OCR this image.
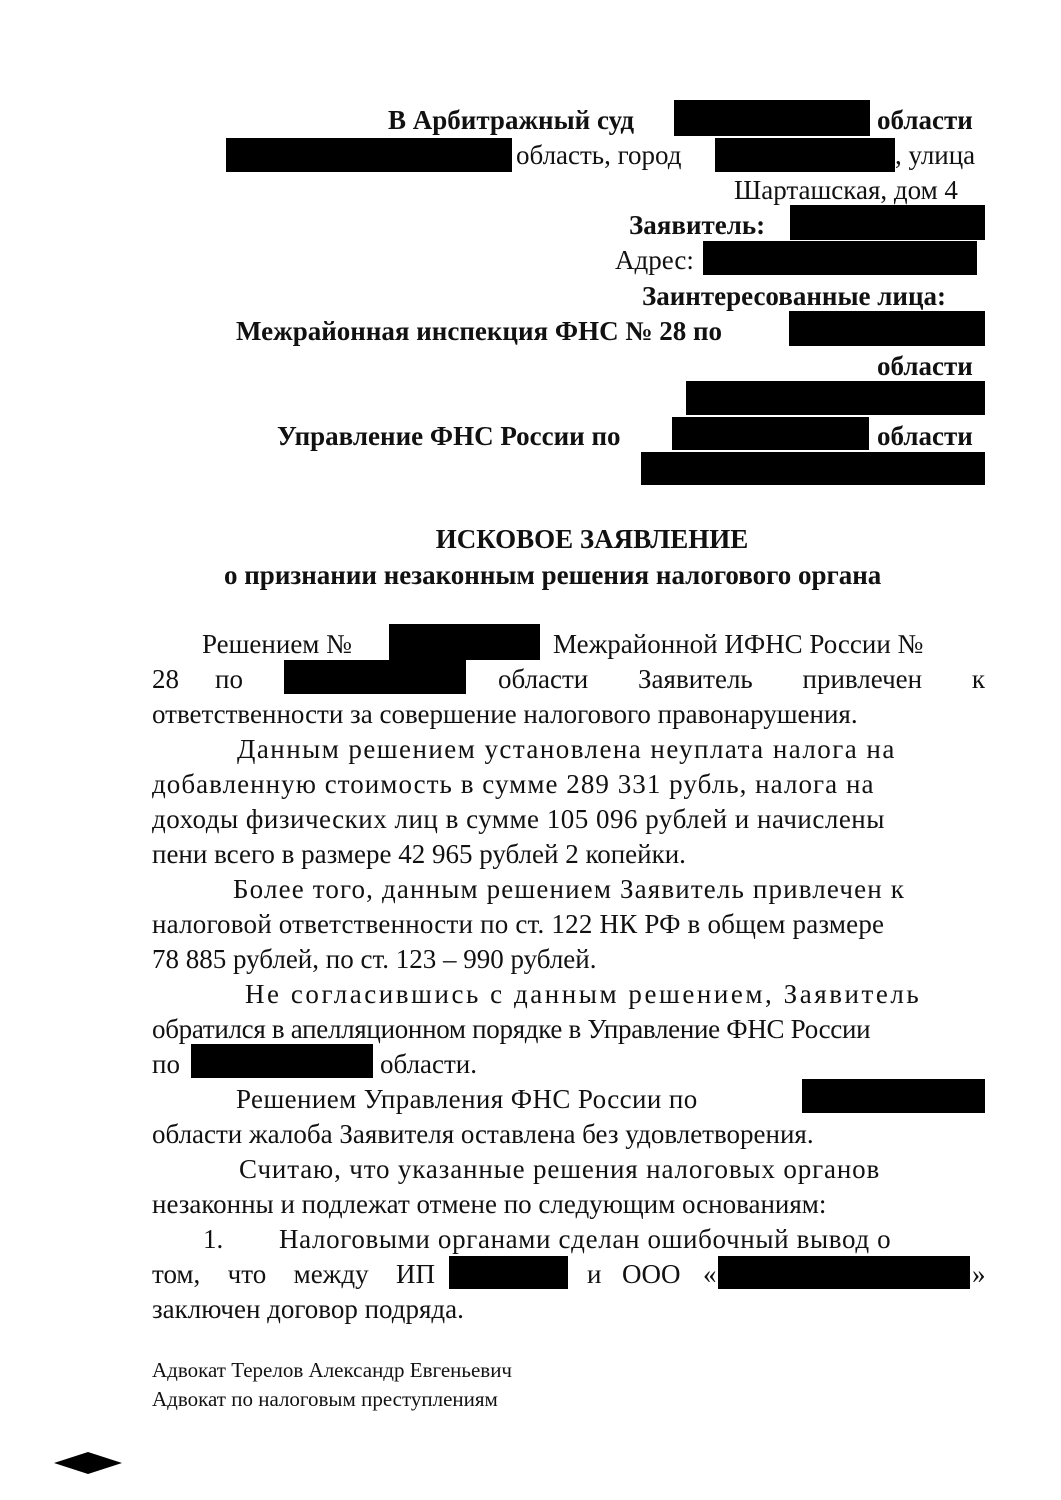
В Арбитражный суд	области
область, город	, улица
Шарташская, дом 4
Заявитель:
Адрес:
Заинтересованные лица:
Межрайонная инспекция ФНС № 28 по
области
Управление ФНС России по	области
ИСКОВОЕ ЗАЯВЛЕНИЕ
о признании незаконным решения налогового органа
Решением №	Межрайонной ИФНС России №
28 по	области Заявитель привлечен к
ответственности за совершение налогового правонарушения.
Данным решением установлена неуплата налога на
добавленную стоимость в сумме 289 331 рубль, налога на
доходы физических лиц в сумме 105 096 рублей и начислены
пени всего в размере 42 965 рублей 2 копейки.
Более того, данным решением Заявитель привлечен к
налоговой ответственности по ст. 122 НК РФ в общем размере
78 885 рублей, по ст. 123 – 990 рублей.
Не согласившись с данным решением, Заявитель
обратился в апелляционном порядке в Управление ФНС России
по	области.
Решением Управления ФНС России по
области жалоба Заявителя оставлена без удовлетворения.
Считаю, что указанные решения налоговых органов
незаконны и подлежат отмене по следующим основаниям:
1. Налоговыми органами сделан ошибочный вывод о
том, что между ИП	и ООО «	»
заключен договор подряда.
Адвокат Терелов Александр Евгеньевич
Адвокат по налоговым преступлениям
